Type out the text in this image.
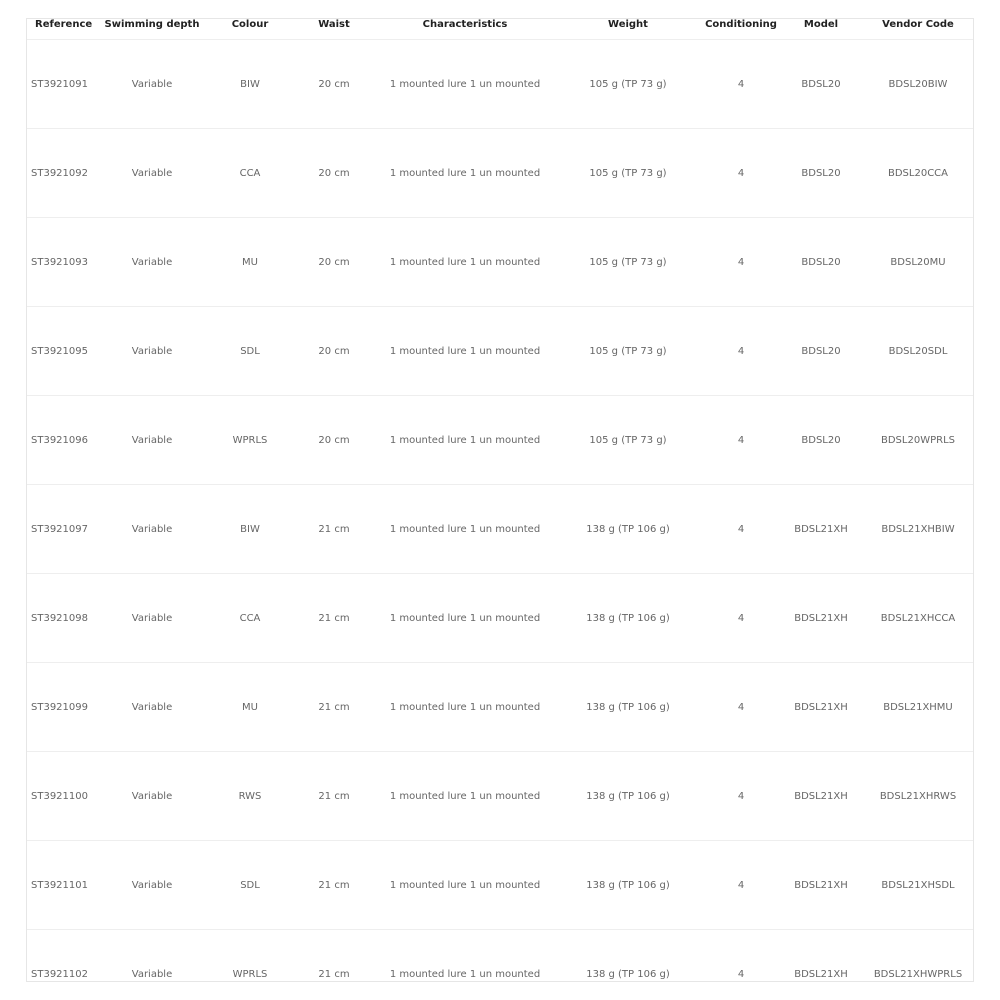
Reference	Swimming depth	Colour	Waist	Characteristics	Weight	Conditioning	Model	Vendor Code
ST3921091	Variable	BIW	20 cm	1 mounted lure 1 un mounted	105 g (TP 73 g)	4	BDSL20	BDSL20BIW
ST3921092	Variable	CCA	20 cm	1 mounted lure 1 un mounted	105 g (TP 73 g)	4	BDSL20	BDSL20CCA
ST3921093	Variable	MU	20 cm	1 mounted lure 1 un mounted	105 g (TP 73 g)	4	BDSL20	BDSL20MU
ST3921095	Variable	SDL	20 cm	1 mounted lure 1 un mounted	105 g (TP 73 g)	4	BDSL20	BDSL20SDL
ST3921096	Variable	WPRLS	20 cm	1 mounted lure 1 un mounted	105 g (TP 73 g)	4	BDSL20	BDSL20WPRLS
ST3921097	Variable	BIW	21 cm	1 mounted lure 1 un mounted	138 g (TP 106 g)	4	BDSL21XH	BDSL21XHBIW
ST3921098	Variable	CCA	21 cm	1 mounted lure 1 un mounted	138 g (TP 106 g)	4	BDSL21XH	BDSL21XHCCA
ST3921099	Variable	MU	21 cm	1 mounted lure 1 un mounted	138 g (TP 106 g)	4	BDSL21XH	BDSL21XHMU
ST3921100	Variable	RWS	21 cm	1 mounted lure 1 un mounted	138 g (TP 106 g)	4	BDSL21XH	BDSL21XHRWS
ST3921101	Variable	SDL	21 cm	1 mounted lure 1 un mounted	138 g (TP 106 g)	4	BDSL21XH	BDSL21XHSDL
ST3921102	Variable	WPRLS	21 cm	1 mounted lure 1 un mounted	138 g (TP 106 g)	4	BDSL21XH	BDSL21XHWPRLS
